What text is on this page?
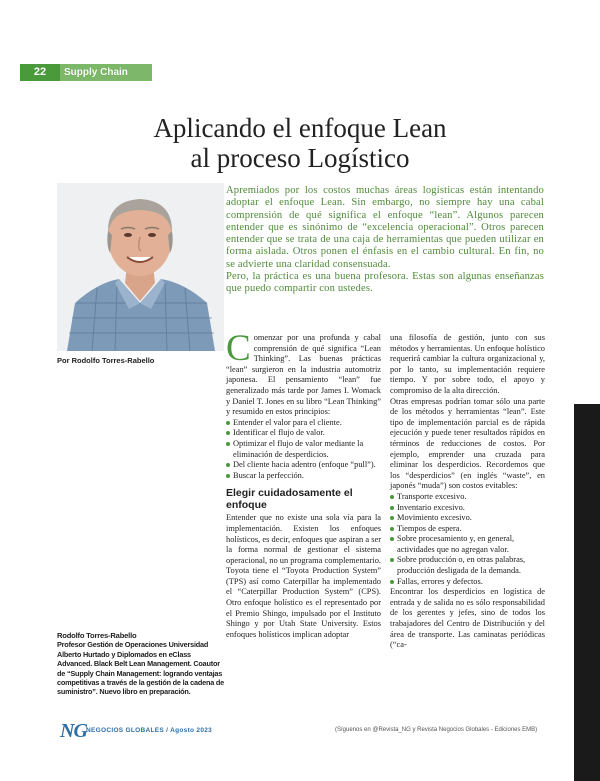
22	Supply Chain
Aplicando el enfoque Lean
al proceso Logístico
Por Rodolfo Torres-Rabello

Apremiados por los costos muchas áreas logísticas están intentando adoptar el enfoque Lean. Sin embargo, no siempre hay una cabal comprensión de qué significa el enfoque “lean”. Algunos parecen entender que es sinónimo de “excelencia operacional”. Otros parecen entender que se trata de una caja de herramientas que pueden utilizar en forma aislada. Otros ponen el énfasis en el cambio cultural. En fin, no se advierte una claridad consensuada.

Pero, la práctica es una buena profesora. Estas son algunas enseñanzas que puedo compartir con ustedes.

C omenzar por una profunda y cabal comprensión de qué significa “Lean Thinking”. Las buenas prácticas “lean” surgieron en la industria automotriz japonesa. El pensamiento “lean” fue generalizado más tarde por James I. Womack y Daniel T. Jones en su libro “Lean Thinking” y resumido en estos principios:

Entender el valor para el cliente.
Identificar el flujo de valor.
Optimizar el flujo de valor mediante la eliminación de desperdicios.
Del cliente hacia adentro (enfoque “pull”).
Buscar la perfección.
Elegir cuidadosamente el enfoque

Entender que no existe una sola vía para la implementación. Existen los enfoques holísticos, es decir, enfoques que aspiran a ser la forma normal de gestionar el sistema operacional, no un programa complementario. Toyota tiene el “Toyota Production System” (TPS) así como Caterpillar ha implementado el “Caterpillar Production System” (CPS). Otro enfoque holístico es el representado por el Premio Shingo, impulsado por el Instituto Shingo y por Utah State University. Estos enfoques holísticos implican adoptar

una filosofía de gestión, junto con sus métodos y herramientas. Un enfoque holístico requerirá cambiar la cultura organizacional y, por lo tanto, su implementación requiere tiempo. Y por sobre todo, el apoyo y compromiso de la alta dirección.

Otras empresas podrían tomar sólo una parte de los métodos y herramientas “lean”. Este tipo de implementación parcial es de rápida ejecución y puede tener resultados rápidos en términos de reducciones de costos. Por ejemplo, emprender una cruzada para eliminar los desperdicios. Recordemos que los “desperdicios” (en inglés “waste”, en japonés “muda”) son costos evitables:

Transporte excesivo.
Inventario excesivo.
Movimiento excesivo.
Tiempos de espera.
Sobre procesamiento y, en general, actividades que no agregan valor.
Sobre producción o, en otras palabras, producción desligada de la demanda.
Fallas, errores y defectos.

Encontrar los desperdicios en logística de entrada y de salida no es sólo responsabilidad de los gerentes y jefes, sino de todos los trabajadores del Centro de Distribución y del área de transporte. Las caminatas periódicas (“ca-

Rodolfo Torres-Rabello
Profesor Gestión de Operaciones Universidad Alberto Hurtado y Diplomados en eClass Advanced. Black Belt Lean Management. Coautor de “Supply Chain Management: logrando ventajas competitivas a través de la gestión de la cadena de suministro”. Nuevo libro en preparación.
NG NEGOCIOS GLOBALES / Agosto 2023	(Síguenos en @Revista_NG y Revista Negocios Globales - Ediciones EMB)
